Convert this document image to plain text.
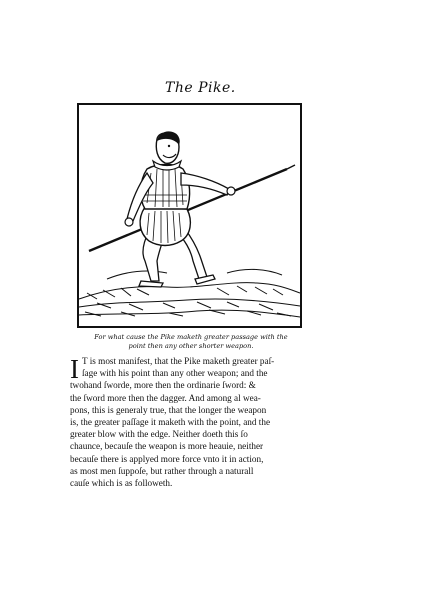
The Pike.
For what cause the Pike maketh greater passage with the
point then any other shorter weapon.
I T is most manifest, that the Pike maketh greater paſ-
ſage with his point than any other weapon; and the
twohand ſworde, more then the ordinarie ſword: &
the ſword more then the dagger. And among al wea-
pons, this is generaly true, that the longer the weapon
is, the greater paſſage it maketh with the point, and the
greater blow with the edge. Neither doeth this ſo
chaunce, becauſe the weapon is more heauie, neither
becauſe there is applyed more force vnto it in action,
as most men ſuppoſe, but rather through a naturall
cauſe which is as followeth.
